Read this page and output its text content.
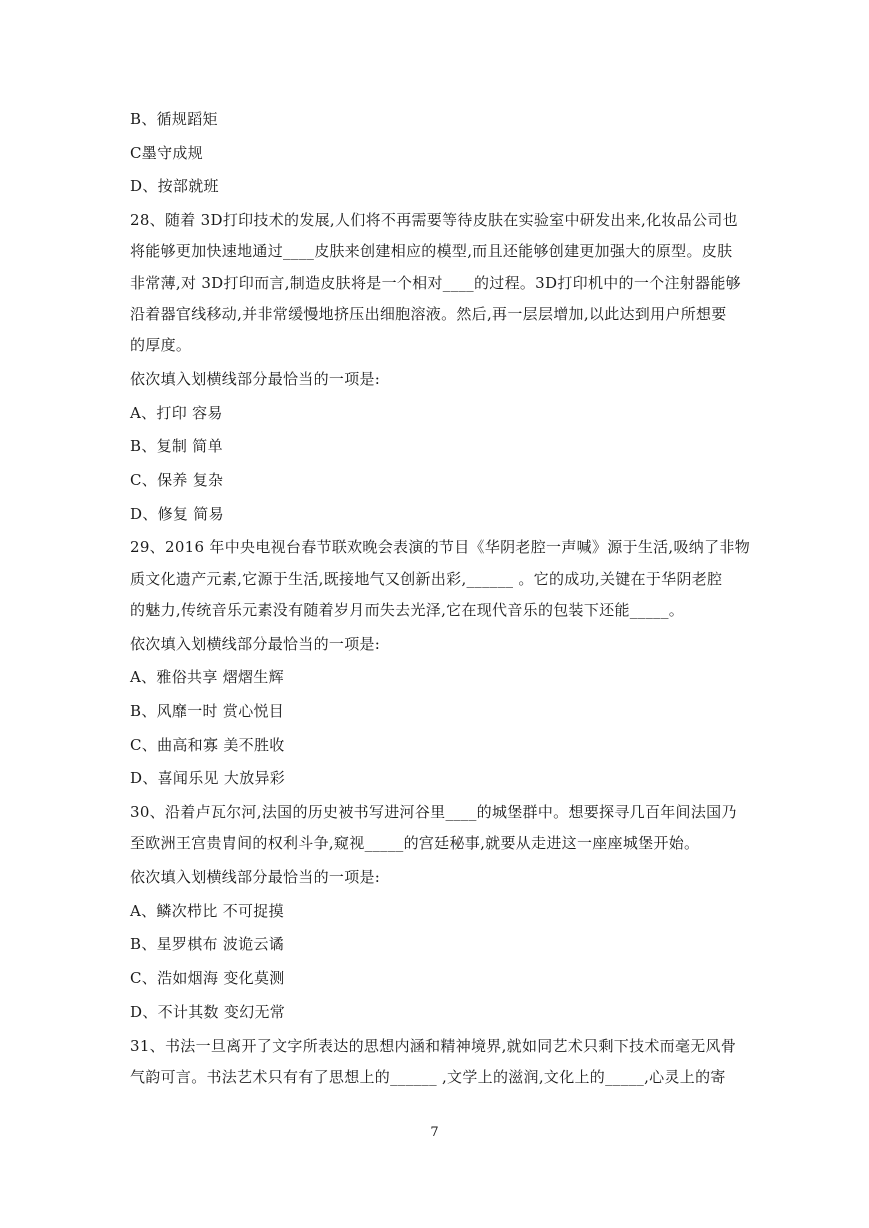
B、循规蹈矩
C墨守成规
D、按部就班
28、随着 3D打印技术的发展,人们将不再需要等待皮肤在实验室中研发出来,化妆品公司也
将能够更加快速地通过____皮肤来创建相应的模型,而且还能够创建更加强大的原型。皮肤
非常薄,对 3D打印而言,制造皮肤将是一个相对____的过程。3D打印机中的一个注射器能够
沿着器官线移动,并非常缓慢地挤压出细胞溶液。然后,再一层层增加,以此达到用户所想要
的厚度。
依次填入划横线部分最恰当的一项是:
A、打印 容易
B、复制 简单
C、保养 复杂
D、修复 简易
29、2016 年中央电视台春节联欢晚会表演的节目《华阴老腔一声喊》源于生活,吸纳了非物
质文化遗产元素,它源于生活,既接地气又创新出彩,______ 。它的成功,关键在于华阴老腔
的魅力,传统音乐元素没有随着岁月而失去光泽,它在现代音乐的包装下还能_____。
依次填入划横线部分最恰当的一项是:
A、雅俗共享 熠熠生辉
B、风靡一时 赏心悦目
C、曲高和寡 美不胜收
D、喜闻乐见 大放异彩
30、沿着卢瓦尔河,法国的历史被书写进河谷里____的城堡群中。想要探寻几百年间法国乃
至欧洲王宫贵胄间的权利斗争,窥视_____的宫廷秘事,就要从走进这一座座城堡开始。
依次填入划横线部分最恰当的一项是:
A、鳞次栉比 不可捉摸
B、星罗棋布 波诡云谲
C、浩如烟海 变化莫测
D、不计其数 变幻无常
31、书法一旦离开了文字所表达的思想内涵和精神境界,就如同艺术只剩下技术而毫无风骨
气韵可言。书法艺术只有有了思想上的______ ,文学上的滋润,文化上的_____,心灵上的寄
7
